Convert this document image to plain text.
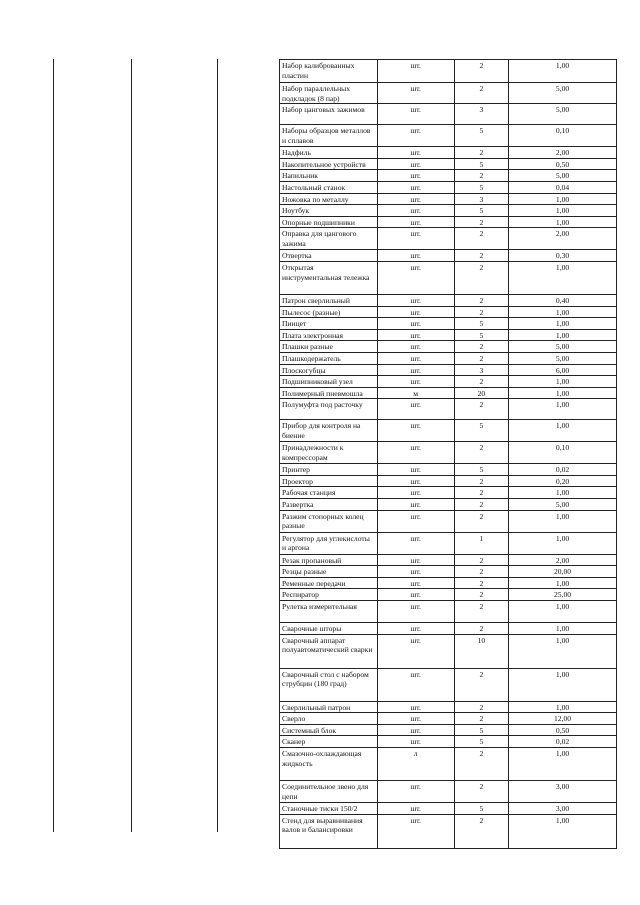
Набор калиброванных пластин	шт.	2	1,00
Набор параллельных подкладок (8 пар)	шт.	2	5,00
Набор цанговых зажимов	шт.	3	5,00
Наборы образцов металлов и сплавов	шт.	5	0,10
Надфиль	шт.	2	2,00
Накопительное устройств	шт.	5	0,50
Напильник	шт.	2	5,00
Настольный станок	шт.	5	0,04
Ножовка по металлу	шт.	3	1,00
Ноутбук	шт.	5	1,00
Опорные подшипники	шт.	2	1,00
Оправка для цангового зажима	шт.	2	2,00
Отвертка	шт.	2	0,30
Открытая инструментальная тележка	шт.	2	1,00
Патрон сверлильный	шт.	2	0,40
Пылесос (разные)	шт.	2	1,00
Пинцет	шт.	5	1,00
Плата электронная	шт.	5	1,00
Плашки разные	шт.	2	5,00
Плашкодержатель	шт.	2	5,00
Плоскогубцы	шт.	3	6,00
Подшипниковый узел	шт.	2	1,00
Полимерный пневмошла	м	20	1,00
Полумуфта под расточку	шт.	2	1,00
Прибор для контроля на биение	шт.	5	1,00
Принадлежности к компрессорам	шт.	2	0,10
Принтер	шт.	5	0,02
Проектор	шт.	2	0,20
Рабочая станция	шт.	2	1,00
Развертка	шт.	2	5,00
Разжим стопорных колец разные	шт.	2	1,00
Регулятор для углекислоты и аргона	шт.	1	1,00
Резак пропановый	шт.	2	2,00
Резцы разные	шт.	2	20,00
Ременные передачи	шт.	2	1,00
Респиратор	шт.	2	25,00
Рулетка измерительная	шт.	2	1,00
Сварочные штоpы	шт.	2	1,00
Сварочный аппарат полуавтоматический сварки	шт.	10	1,00
Сварочный стол с набором струбцин (180 град)	шт.	2	1,00
Сверлильный патрон	шт.	2	1,00
Сверло	шт.	2	12,00
Системный блок	шт.	5	0,50
Сканер	шт.	5	0,02
Смазочно-охлаждающая жидкость	л	2	1,00
Соединительное звено для цепи	шт.	2	3,00
Станочные тиски 150/2	шт.	5	3,00
Стенд для выравнивания валов и балансировки	шт.	2	1,00
